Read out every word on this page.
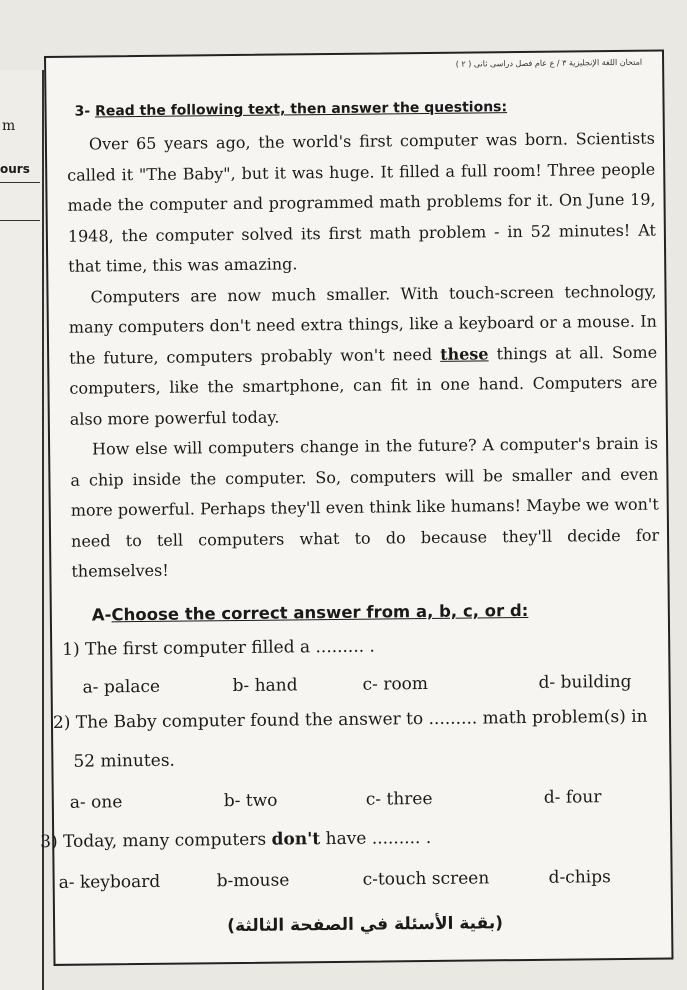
m
ours
امتحان اللغة الإنجليزية ٣ / ع عام فصل دراسى ثانى ( ٢ )
3- Read the following text, then answer the questions:

Over 65 years ago, the world's first computer was born. Scientists called it "The Baby", but it was huge. It filled a full room! Three people made the computer and programmed math problems for it. On June 19, 1948, the computer solved its first math problem - in 52 minutes! At that time, this was amazing.

Computers are now much smaller. With touch-screen technology, many computers don't need extra things, like a keyboard or a mouse. In the future, computers probably won't need these things at all. Some computers, like the smartphone, can fit in one hand. Computers are also more powerful today.

How else will computers change in the future? A computer's brain is a chip inside the computer. So, computers will be smaller and even more powerful. Perhaps they'll even think like humans! Maybe we won't need to tell computers what to do because they'll decide for themselves!

A-Choose the correct answer from a, b, c, or d:
1) The first computer filled a ......... .
a- palace	b- hand	c- room	d- building
2) The Baby computer found the answer to ......... math problem(s) in
52 minutes.
a- one	b- two	c- three	d- four
3) Today, many computers don't have ......... .
a- keyboard	b-mouse	c-touch screen	d-chips
(بقية الأسئلة في الصفحة الثالثة)
